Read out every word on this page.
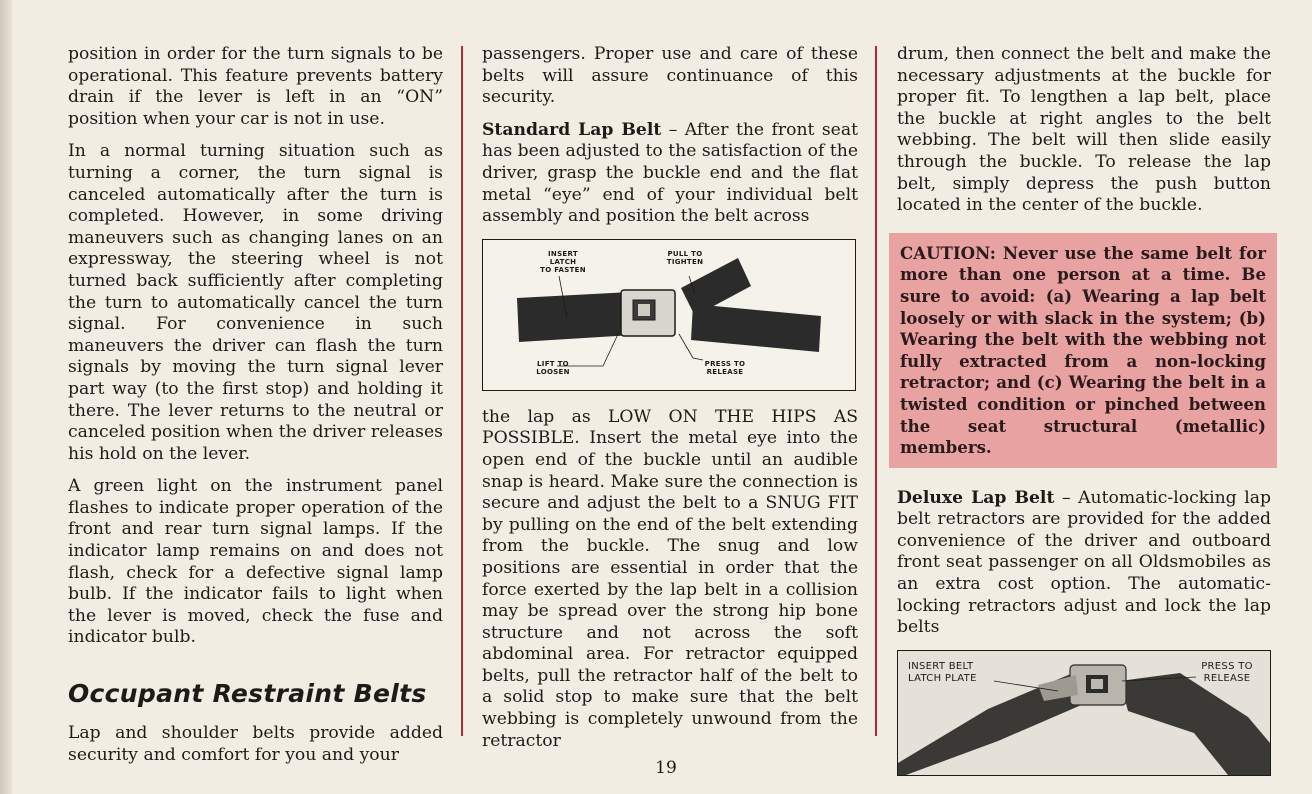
position in order for the turn signals to be operational. This feature prevents battery drain if the lever is left in an “ON” position when your car is not in use.

In a normal turning situation such as turning a corner, the turn signal is canceled automatically after the turn is completed. However, in some driving maneuvers such as changing lanes on an expressway, the steering wheel is not turned back sufficiently after completing the turn to automatically cancel the turn signal. For convenience in such maneuvers the driver can flash the turn signals by moving the turn signal lever part way (to the first stop) and holding it there. The lever returns to the neutral or canceled position when the driver releases his hold on the lever.

A green light on the instrument panel flashes to indicate proper operation of the front and rear turn signal lamps. If the indicator lamp remains on and does not flash, check for a defective signal lamp bulb. If the indicator fails to light when the lever is moved, check the fuse and indicator bulb.

Occupant Restraint Belts

Lap and shoulder belts provide added security and comfort for you and your

passengers. Proper use and care of these belts will assure continuance of this security.

Standard Lap Belt – After the front seat has been adjusted to the satisfaction of the driver, grasp the buckle end and the flat metal “eye” end of your individual belt assembly and position the belt across

INSERT LATCH
TO FASTEN
PULL TO
TIGHTEN
LIFT TO
LOOSEN
PRESS TO
RELEASE

the lap as LOW ON THE HIPS AS POSSIBLE. Insert the metal eye into the open end of the buckle until an audible snap is heard. Make sure the connection is secure and adjust the belt to a SNUG FIT by pulling on the end of the belt extending from the buckle. The snug and low positions are essential in order that the force exerted by the lap belt in a collision may be spread over the strong hip bone structure and not across the soft abdominal area. For retractor equipped belts, pull the retractor half of the belt to a solid stop to make sure that the belt webbing is completely unwound from the retractor

drum, then connect the belt and make the necessary adjustments at the buckle for proper fit. To lengthen a lap belt, place the buckle at right angles to the belt webbing. The belt will then slide easily through the buckle. To release the lap belt, simply depress the push button located in the center of the buckle.

CAUTION: Never use the same belt for more than one person at a time. Be sure to avoid: (a) Wearing a lap belt loosely or with slack in the system; (b) Wearing the belt with the webbing not fully extracted from a non-locking retractor; and (c) Wearing the belt in a twisted condition or pinched between the seat structural (metallic) members.

Deluxe Lap Belt – Automatic-locking lap belt retractors are provided for the added convenience of the driver and outboard front seat passenger on all Oldsmobiles as an extra cost option. The automatic-locking retractors adjust and lock the lap belts

INSERT BELT
LATCH PLATE
PRESS TO
RELEASE
19
